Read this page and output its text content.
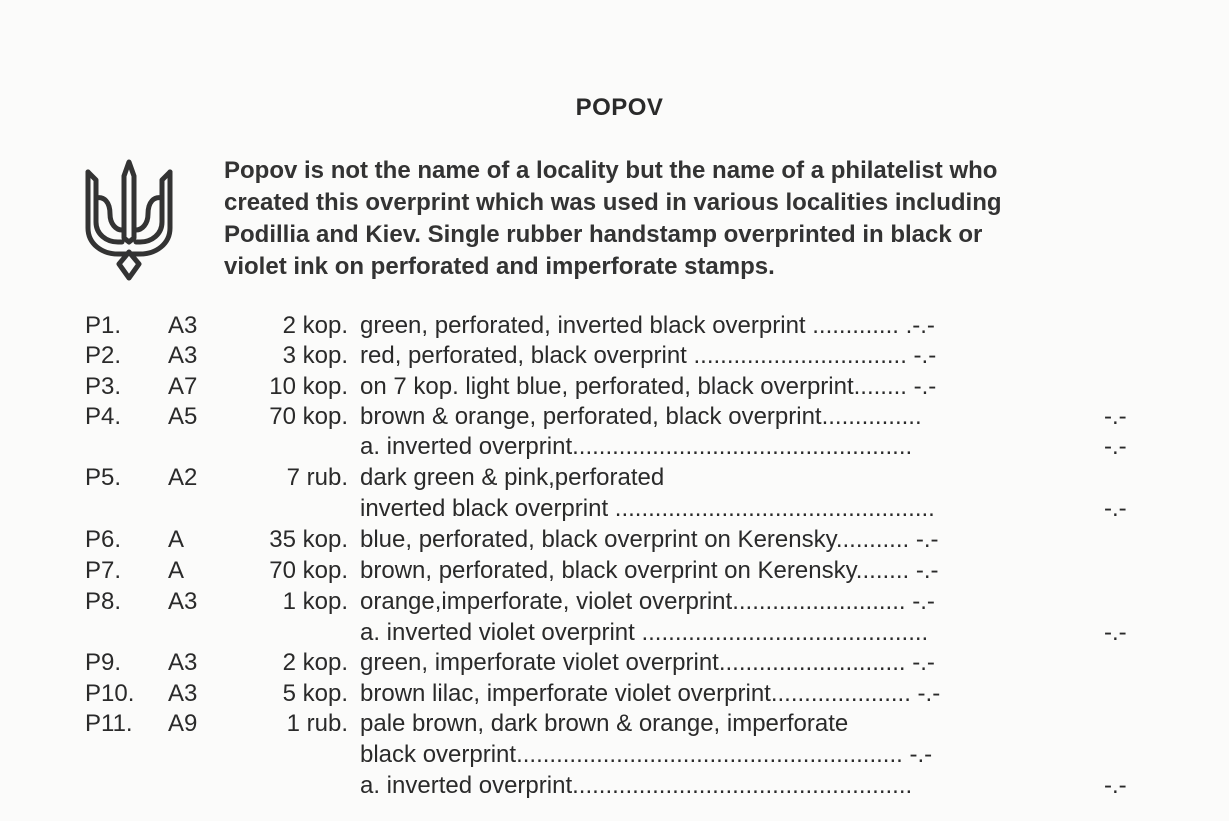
POPOV
Popov is not the name of a locality but the name of a philatelist who
created this overprint which was used in various localities including
Podillia and Kiev. Single rubber handstamp overprinted in black or
violet ink on perforated and imperforate stamps.
P1. A3	2 kop. green, perforated, inverted black overprint ............. .-.-
P2. A3	3 kop. red, perforated, black overprint ................................ -.-
P3. A7	10 kop. on 7 kop. light blue, perforated, black overprint........ -.-
P4. A5	70 kop. brown & orange, perforated, black overprint...............	-.-
a. inverted overprint...................................................	-.-
P5. A2	7 rub. dark green & pink,perforated
inverted black overprint ................................................	-.-
P6. A	35 kop. blue, perforated, black overprint on Kerensky........... -.-
P7. A	70 kop. brown, perforated, black overprint on Kerensky........ -.-
P8. A3	1 kop. orange,imperforate, violet overprint.......................... -.-
a. inverted violet overprint ...........................................	-.-
P9. A3	2 kop. green, imperforate violet overprint............................ -.-
P10. A3	5 kop. brown lilac, imperforate violet overprint..................... -.-
P11. A9	1 rub. pale brown, dark brown & orange, imperforate
black overprint.......................................................... -.-
a. inverted overprint...................................................	-.-
